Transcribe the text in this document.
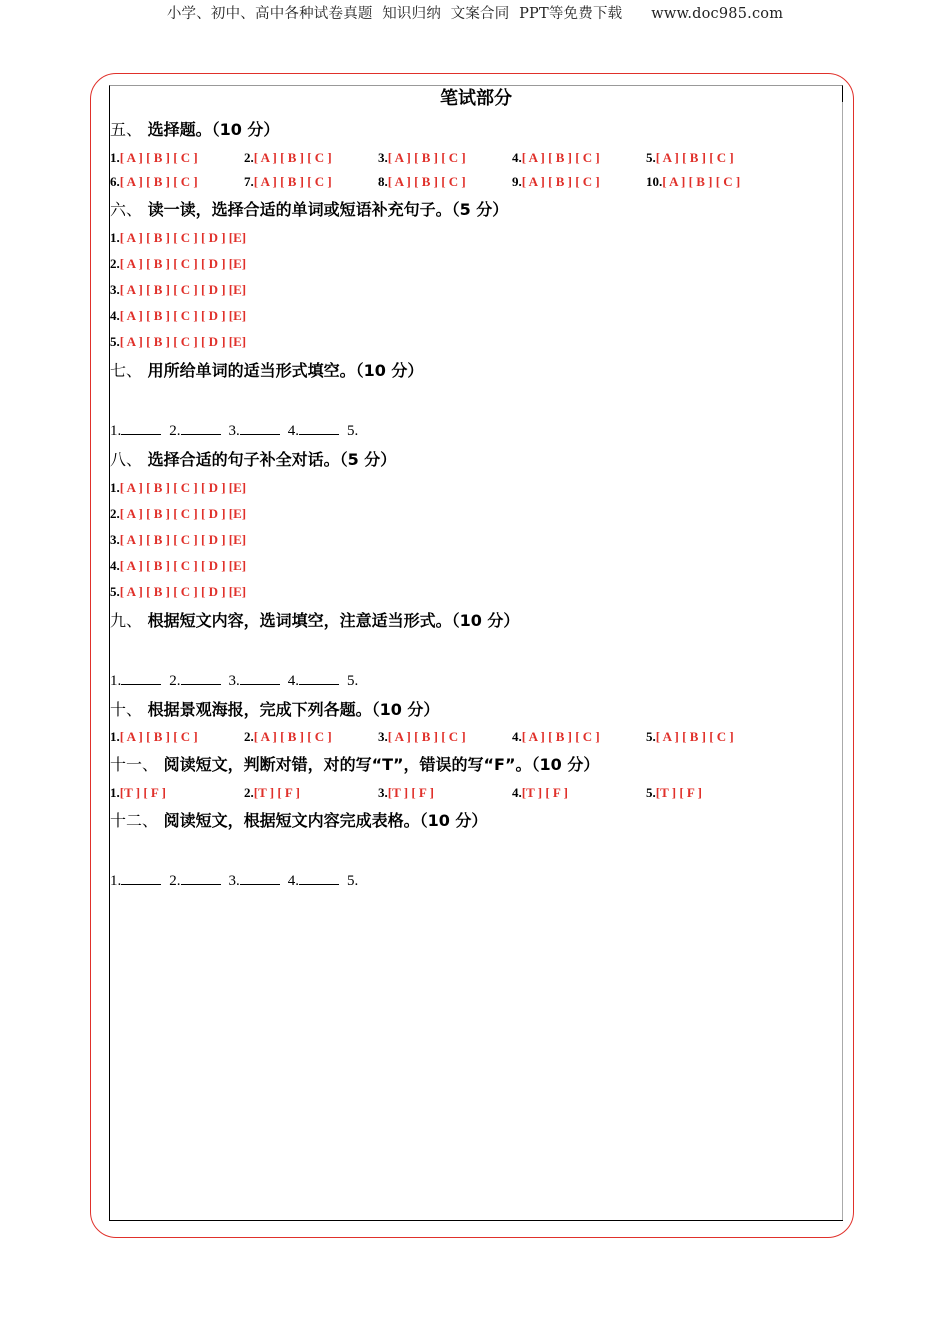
小学、初中、高中各种试卷真题  知识归纳  文案合同  PPT等免费下载 www.doc985.com
笔试部分
五、 选择题。（10 分）
1.[ A ] [ B ] [ C ]	2.[ A ] [ B ] [ C ]	3.[ A ] [ B ] [ C ]	4.[ A ] [ B ] [ C ]	5.[ A ] [ B ] [ C ]
6.[ A ] [ B ] [ C ]	7.[ A ] [ B ] [ C ]	8.[ A ] [ B ] [ C ]	9.[ A ] [ B ] [ C ]	10.[ A ] [ B ] [ C ]
六、 读一读，选择合适的单词或短语补充句子。（5 分）
1.[ A ] [ B ] [ C ] [ D ] [E]
2.[ A ] [ B ] [ C ] [ D ] [E]
3.[ A ] [ B ] [ C ] [ D ] [E]
4.[ A ] [ B ] [ C ] [ D ] [E]
5.[ A ] [ B ] [ C ] [ D ] [E]
七、 用所给单词的适当形式填空。（10 分）
1.	2.	3.	4.	5.
八、 选择合适的句子补全对话。（5 分）
1.[ A ] [ B ] [ C ] [ D ] [E]
2.[ A ] [ B ] [ C ] [ D ] [E]
3.[ A ] [ B ] [ C ] [ D ] [E]
4.[ A ] [ B ] [ C ] [ D ] [E]
5.[ A ] [ B ] [ C ] [ D ] [E]
九、 根据短文内容，选词填空，注意适当形式。（10 分）
1.	2.	3.	4.	5.
十、 根据景观海报，完成下列各题。（10 分）
1.[ A ] [ B ] [ C ]	2.[ A ] [ B ] [ C ]	3.[ A ] [ B ] [ C ]	4.[ A ] [ B ] [ C ]	5.[ A ] [ B ] [ C ]
十一、 阅读短文，判断对错，对的写“T”，错误的写“F”。（10 分）
1.[T ] [ F ]	2.[T ] [ F ]	3.[T ] [ F ]	4.[T ] [ F ]	5.[T ] [ F ]
十二、 阅读短文，根据短文内容完成表格。（10 分）
1.	2.	3.	4.	5.
